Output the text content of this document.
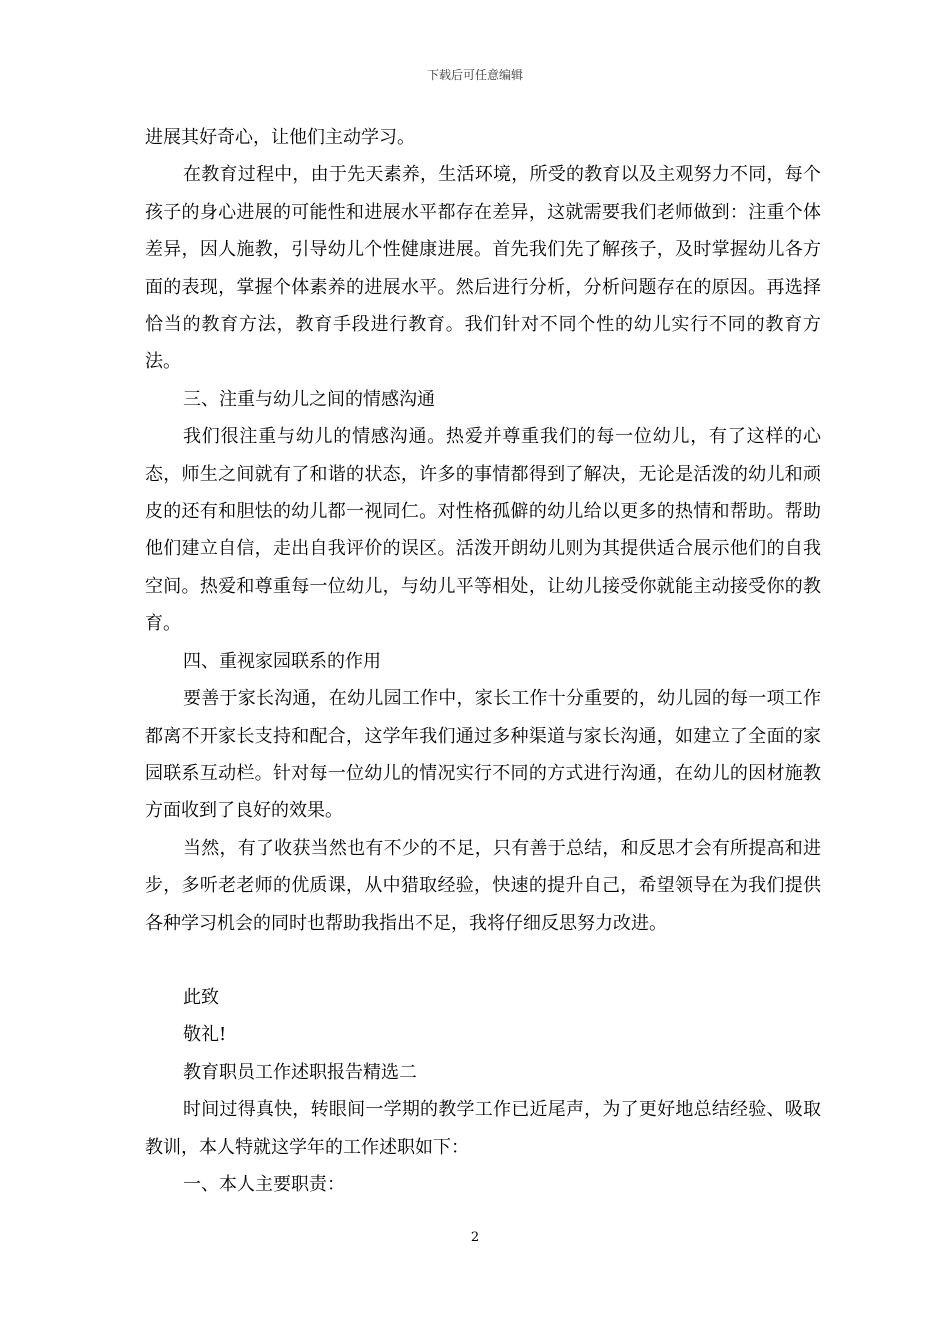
下载后可任意编辑

进展其好奇心，让他们主动学习。

在教育过程中，由于先天素养，生活环境，所受的教育以及主观努力不同，每个孩子的身心进展的可能性和进展水平都存在差异，这就需要我们老师做到：注重个体差异，因人施教，引导幼儿个性健康进展。首先我们先了解孩子，及时掌握幼儿各方面的表现，掌握个体素养的进展水平。然后进行分析，分析问题存在的原因。再选择恰当的教育方法，教育手段进行教育。我们针对不同个性的幼儿实行不同的教育方法。

三、注重与幼儿之间的情感沟通

我们很注重与幼儿的情感沟通。热爱并尊重我们的每一位幼儿，有了这样的心态，师生之间就有了和谐的状态，许多的事情都得到了解决，无论是活泼的幼儿和顽皮的还有和胆怯的幼儿都一视同仁。对性格孤僻的幼儿给以更多的热情和帮助。帮助他们建立自信，走出自我评价的误区。活泼开朗幼儿则为其提供适合展示他们的自我空间。热爱和尊重每一位幼儿，与幼儿平等相处，让幼儿接受你就能主动接受你的教育。

四、重视家园联系的作用

要善于家长沟通，在幼儿园工作中，家长工作十分重要的，幼儿园的每一项工作都离不开家长支持和配合，这学年我们通过多种渠道与家长沟通，如建立了全面的家园联系互动栏。针对每一位幼儿的情况实行不同的方式进行沟通，在幼儿的因材施教方面收到了良好的效果。

当然，有了收获当然也有不少的不足，只有善于总结，和反思才会有所提高和进步，多听老老师的优质课，从中猎取经验，快速的提升自己，希望领导在为我们提供各种学习机会的同时也帮助我指出不足，我将仔细反思努力改进。

此致

敬礼!

教育职员工作述职报告精选二

时间过得真快，转眼间一学期的教学工作已近尾声，为了更好地总结经验、吸取教训，本人特就这学年的工作述职如下：

一、本人主要职责：

2
